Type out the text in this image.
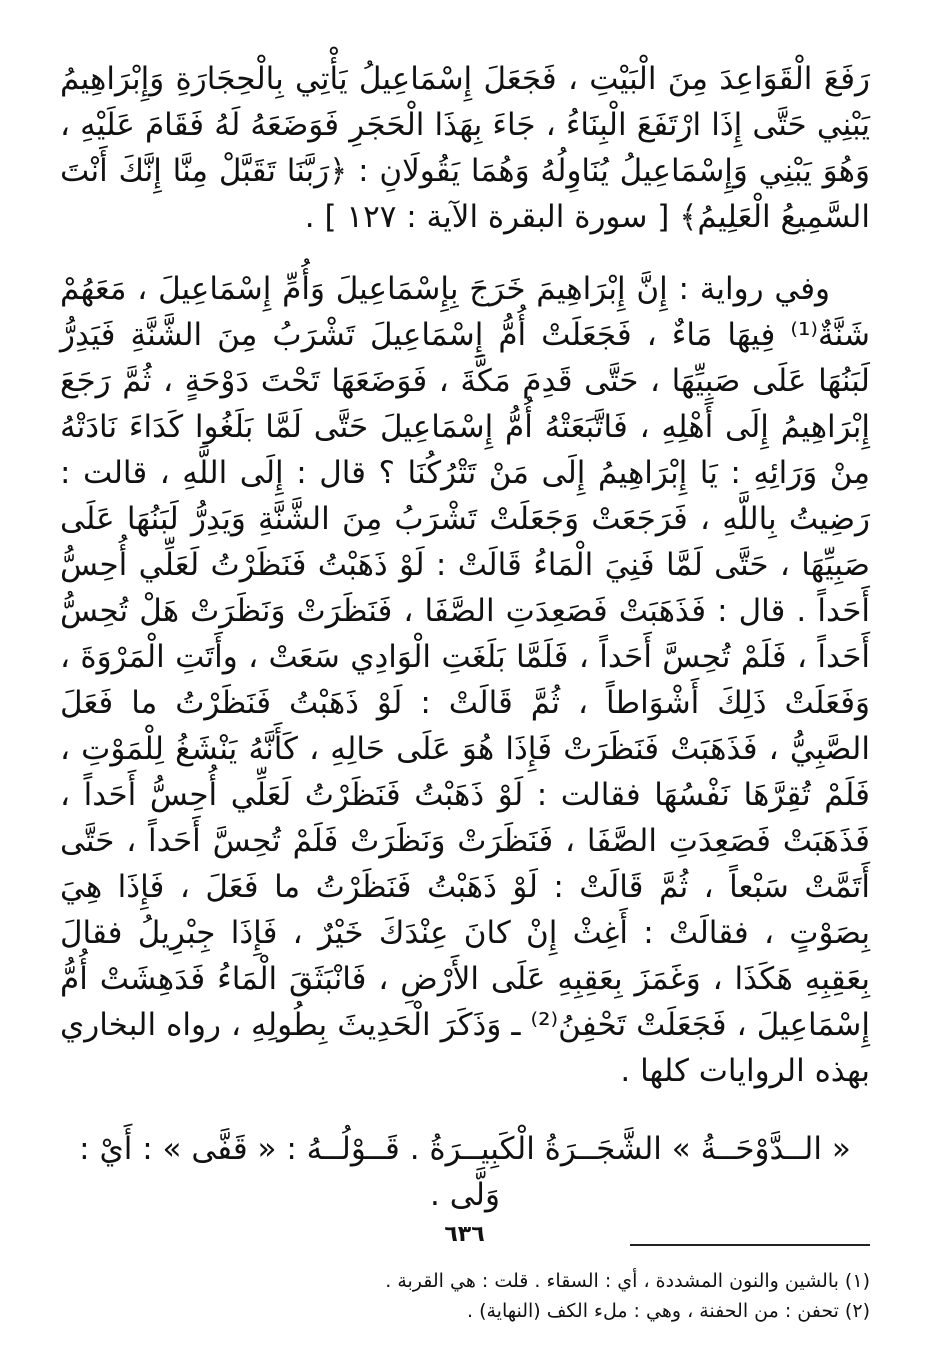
رَفَعَ الْقَوَاعِدَ مِنَ الْبَيْتِ ، فَجَعَلَ إِسْمَاعِيلُ يَأْتِي بِالْحِجَارَةِ وَإِبْرَاهِيمُ يَبْنِي حَتَّى إِذَا ارْتَفَعَ الْبِنَاءُ ، جَاءَ بِهَذَا الْحَجَرِ فَوَضَعَهُ لَهُ فَقَامَ عَلَيْهِ ، وَهُوَ يَبْنِي وَإِسْمَاعِيلُ يُنَاوِلُهُ وَهُمَا يَقُولَانِ : ﴿رَبَّنَا تَقَبَّلْ مِنَّا إِنَّكَ أَنْتَ السَّمِيعُ الْعَلِيمُ﴾ [ سورة البقرة الآية : ١٢٧ ] .

وفي رواية : إِنَّ إِبْرَاهِيمَ خَرَجَ بِإِسْمَاعِيلَ وَأُمِّ إِسْمَاعِيلَ ، مَعَهُمْ شَنَّةٌ⁽¹⁾ فِيهَا مَاءٌ ، فَجَعَلَتْ أُمُّ إِسْمَاعِيلَ تَشْرَبُ مِنَ الشَّنَّةِ فَيَدِرُّ لَبَنُهَا عَلَى صَبِيِّهَا ، حَتَّى قَدِمَ مَكَّةَ ، فَوَضَعَهَا تَحْتَ دَوْحَةٍ ، ثُمَّ رَجَعَ إِبْرَاهِيمُ إِلَى أَهْلِهِ ، فَاتَّبَعَتْهُ أُمُّ إِسْمَاعِيلَ حَتَّى لَمَّا بَلَغُوا كَدَاءَ نَادَتْهُ مِنْ وَرَائِهِ : يَا إِبْرَاهِيمُ إِلَى مَنْ تَتْرُكُنَا ؟ قال : إِلَى اللَّهِ ، قالت : رَضِيتُ بِاللَّهِ ، فَرَجَعَتْ وَجَعَلَتْ تَشْرَبُ مِنَ الشَّنَّةِ وَيَدِرُّ لَبَنُهَا عَلَى صَبِيِّهَا ، حَتَّى لَمَّا فَنِيَ الْمَاءُ قَالَتْ : لَوْ ذَهَبْتُ فَنَظَرْتُ لَعَلِّي أُحِسُّ أَحَداً . قال : فَذَهَبَتْ فَصَعِدَتِ الصَّفَا ، فَنَظَرَتْ وَنَظَرَتْ هَلْ تُحِسُّ أَحَداً ، فَلَمْ تُحِسَّ أَحَداً ، فَلَمَّا بَلَغَتِ الْوَادِي سَعَتْ ، وأَتَتِ الْمَرْوَةَ ، وَفَعَلَتْ ذَلِكَ أَشْوَاطاً ، ثُمَّ قَالَتْ : لَوْ ذَهَبْتُ فَنَظَرْتُ ما فَعَلَ الصَّبِيُّ ، فَذَهَبَتْ فَنَظَرَتْ فَإِذَا هُوَ عَلَى حَالِهِ ، كَأَنَّهُ يَنْشَغُ لِلْمَوْتِ ، فَلَمْ تُقِرَّهَا نَفْسُهَا فقالت : لَوْ ذَهَبْتُ فَنَظَرْتُ لَعَلِّي أُحِسُّ أَحَداً ، فَذَهَبَتْ فَصَعِدَتِ الصَّفَا ، فَنَظَرَتْ وَنَظَرَتْ فَلَمْ تُحِسَّ أَحَداً ، حَتَّى أَتَمَّتْ سَبْعاً ، ثُمَّ قَالَتْ : لَوْ ذَهَبْتُ فَنَظَرْتُ ما فَعَلَ ، فَإِذَا هِيَ بِصَوْتٍ ، فقالَتْ : أَغِثْ إِنْ كانَ عِنْدَكَ خَيْرٌ ، فَإِذَا جِبْرِيلُ فقالَ بِعَقِبِهِ هَكَذَا ، وَغَمَزَ بِعَقِبِهِ عَلَى الأَرْضِ ، فَانْبَثَقَ الْمَاءُ فَدَهِشَتْ أُمُّ إِسْمَاعِيلَ ، فَجَعَلَتْ تَحْفِنُ⁽²⁾ ـ وَذَكَرَ الْحَدِيثَ بِطُولِهِ ، رواه البخاري بهذه الروايات كلها .

« الــدَّوْحَــةُ » الشَّجَــرَةُ الْكَبِيــرَةُ . قَــوْلُــهُ : « قَفَّى » : أَيْ : وَلَّى .

(١) بالشين والنون المشددة ، أي : السقاء . قلت : هي القربة .

(٢) تحفن : من الحفنة ، وهي : ملء الكف (النهاية) .

٦٣٦
